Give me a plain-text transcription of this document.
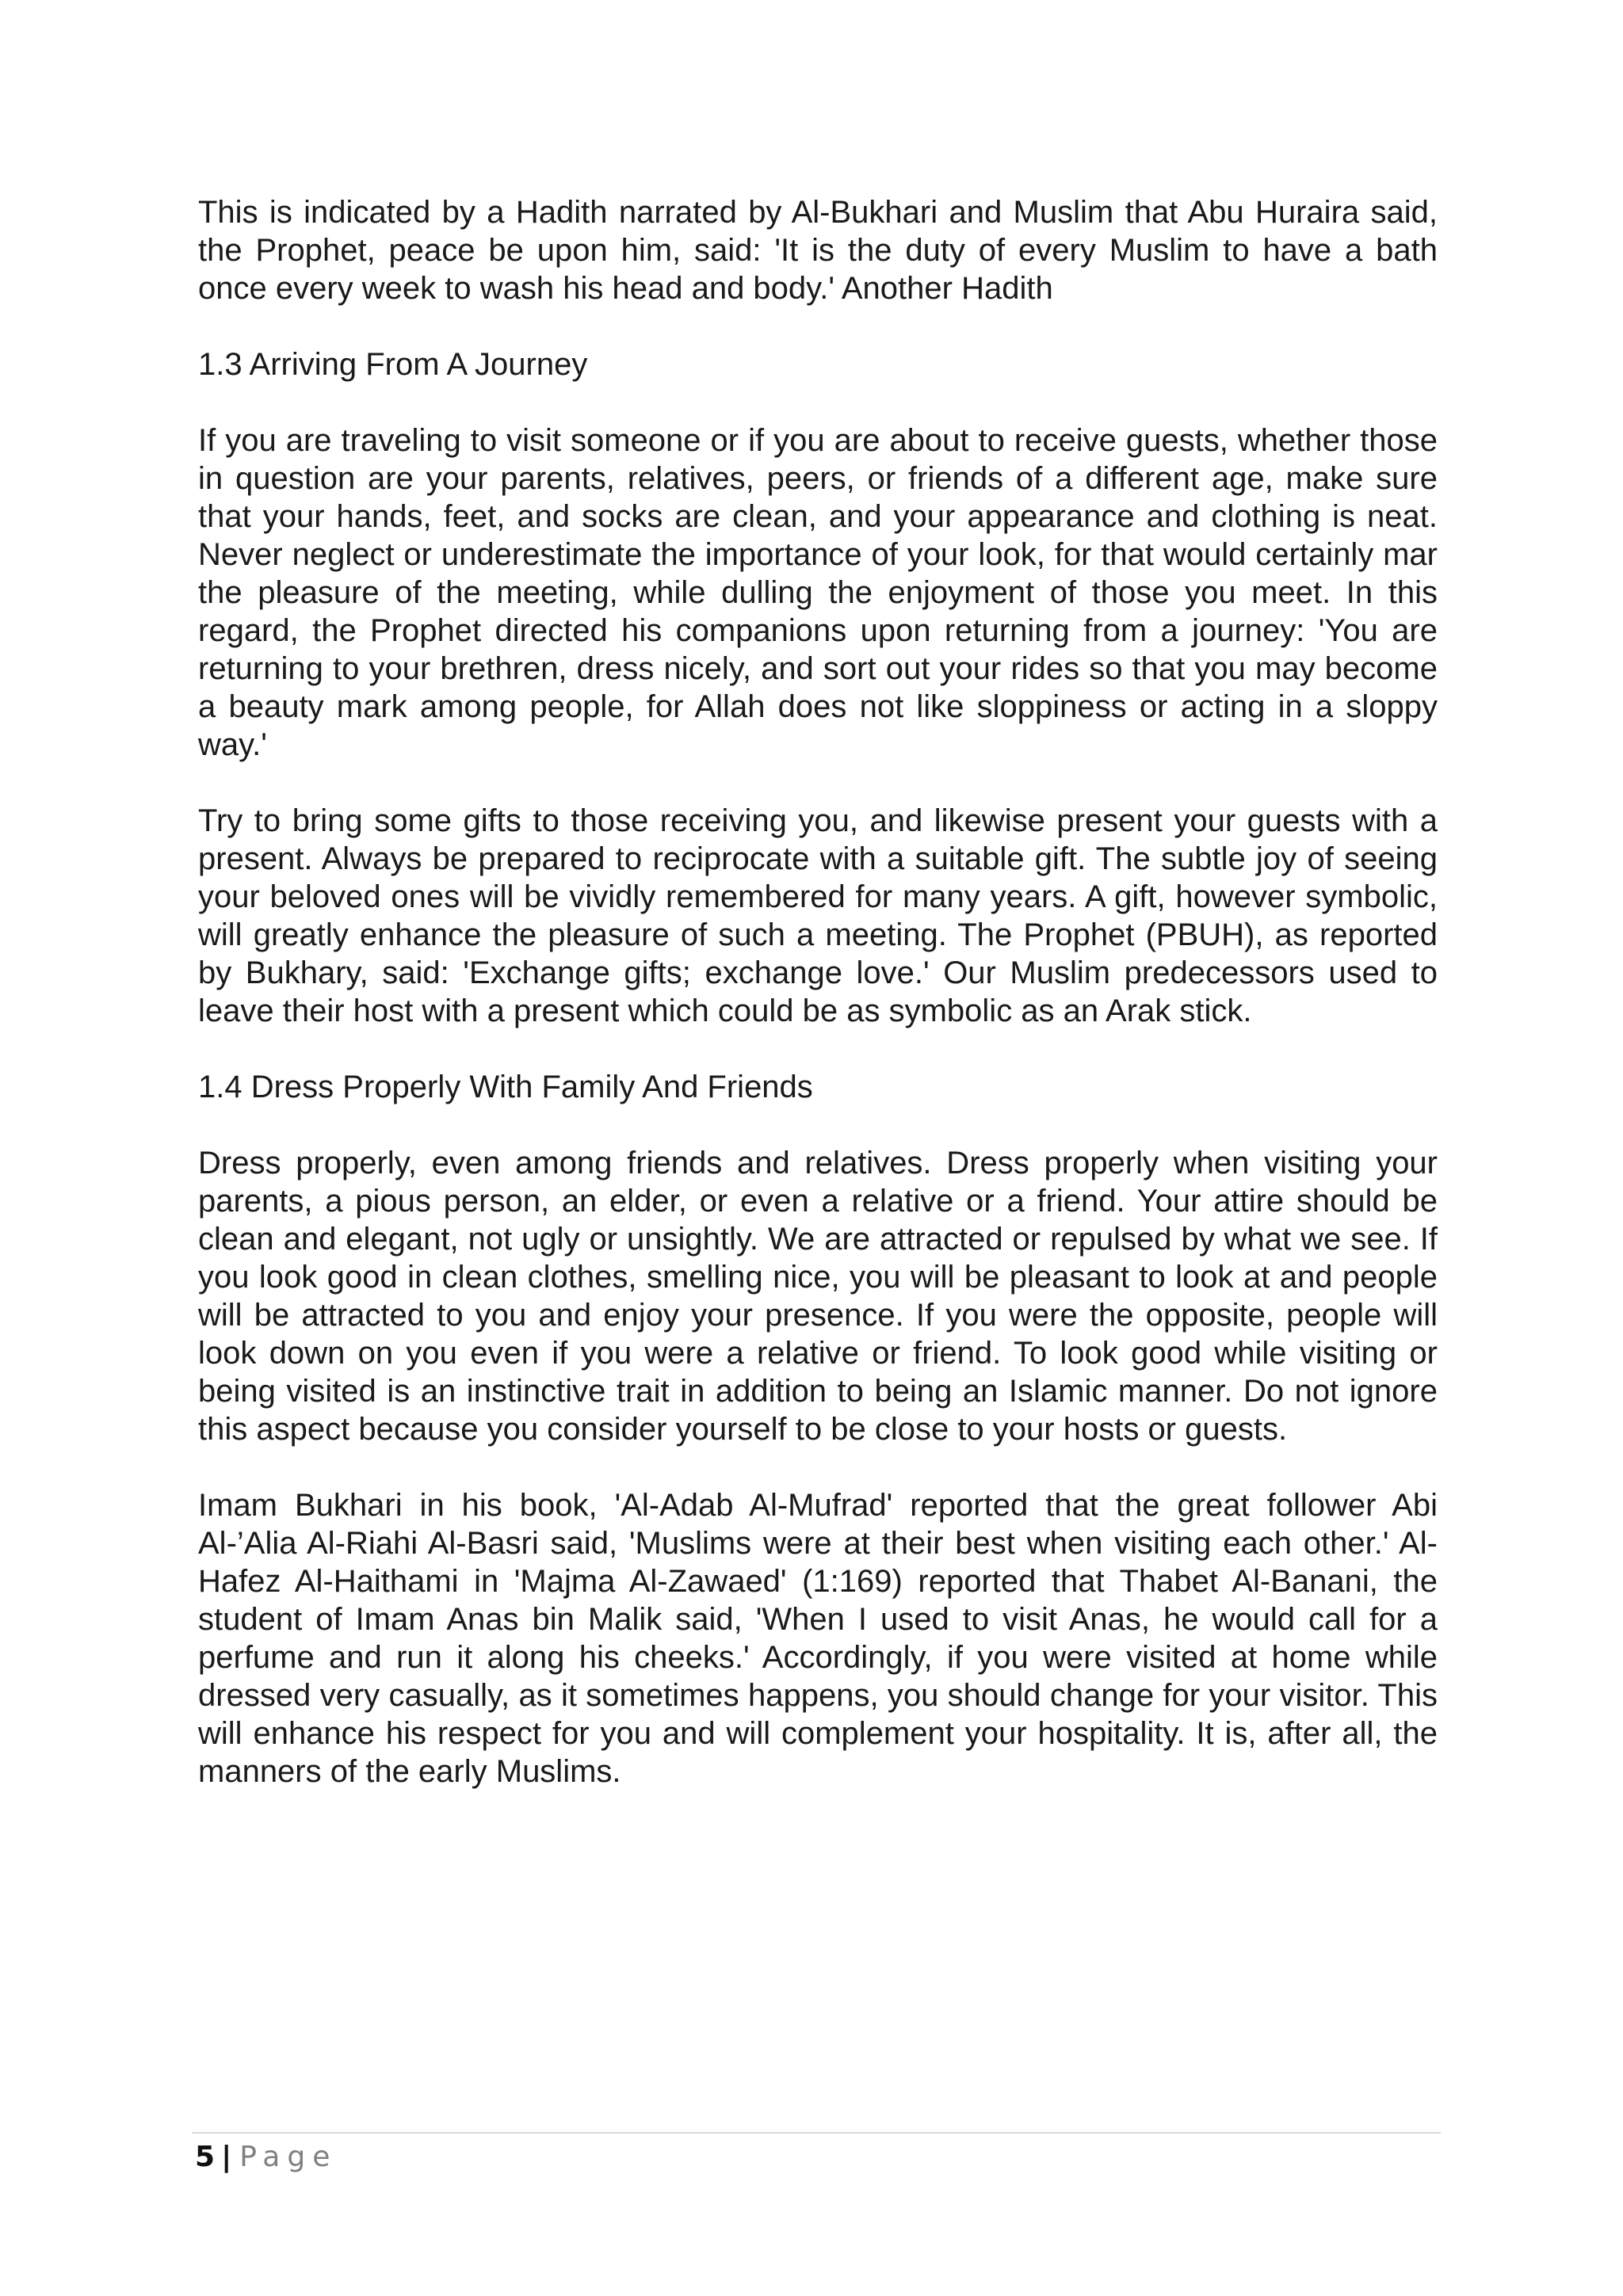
This is indicated by a Hadith narrated by Al-Bukhari and Muslim that Abu Huraira said, the Prophet, peace be upon him, said: 'It is the duty of every Muslim to have a bath once every week to wash his head and body.' Another Hadith

1.3 Arriving From A Journey

If you are traveling to visit someone or if you are about to receive guests, whether those in question are your parents, relatives, peers, or friends of a different age, make sure that your hands, feet, and socks are clean, and your appearance and clothing is neat. Never neglect or underestimate the importance of your look, for that would certainly mar the pleasure of the meeting, while dulling the enjoyment of those you meet. In this regard, the Prophet directed his companions upon returning from a journey: 'You are returning to your brethren, dress nicely, and sort out your rides so that you may become a beauty mark among people, for Allah does not like sloppiness or acting in a sloppy way.'

Try to bring some gifts to those receiving you, and likewise present your guests with a present. Always be prepared to reciprocate with a suitable gift. The subtle joy of seeing your beloved ones will be vividly remembered for many years. A gift, however symbolic, will greatly enhance the pleasure of such a meeting. The Prophet (PBUH), as reported by Bukhary, said: 'Exchange gifts; exchange love.' Our Muslim predecessors used to leave their host with a present which could be as symbolic as an Arak stick.

1.4 Dress Properly With Family And Friends

Dress properly, even among friends and relatives. Dress properly when visiting your parents, a pious person, an elder, or even a relative or a friend. Your attire should be clean and elegant, not ugly or unsightly. We are attracted or repulsed by what we see. If you look good in clean clothes, smelling nice, you will be pleasant to look at and people will be attracted to you and enjoy your presence. If you were the opposite, people will look down on you even if you were a relative or friend. To look good while visiting or being visited is an instinctive trait in addition to being an Islamic manner. Do not ignore this aspect because you consider yourself to be close to your hosts or guests.

Imam Bukhari in his book, 'Al-Adab Al-Mufrad' reported that the great follower Abi Al-’Alia Al-Riahi Al-Basri said, 'Muslims were at their best when visiting each other.' Al-Hafez Al-Haithami in 'Majma Al-Zawaed' (1:169) reported that Thabet Al-Banani, the student of Imam Anas bin Malik said, 'When I used to visit Anas, he would call for a perfume and run it along his cheeks.' Accordingly, if you were visited at home while dressed very casually, as it sometimes happens, you should change for your visitor. This will enhance his respect for you and will complement your hospitality. It is, after all, the manners of the early Muslims.

5 | Page
